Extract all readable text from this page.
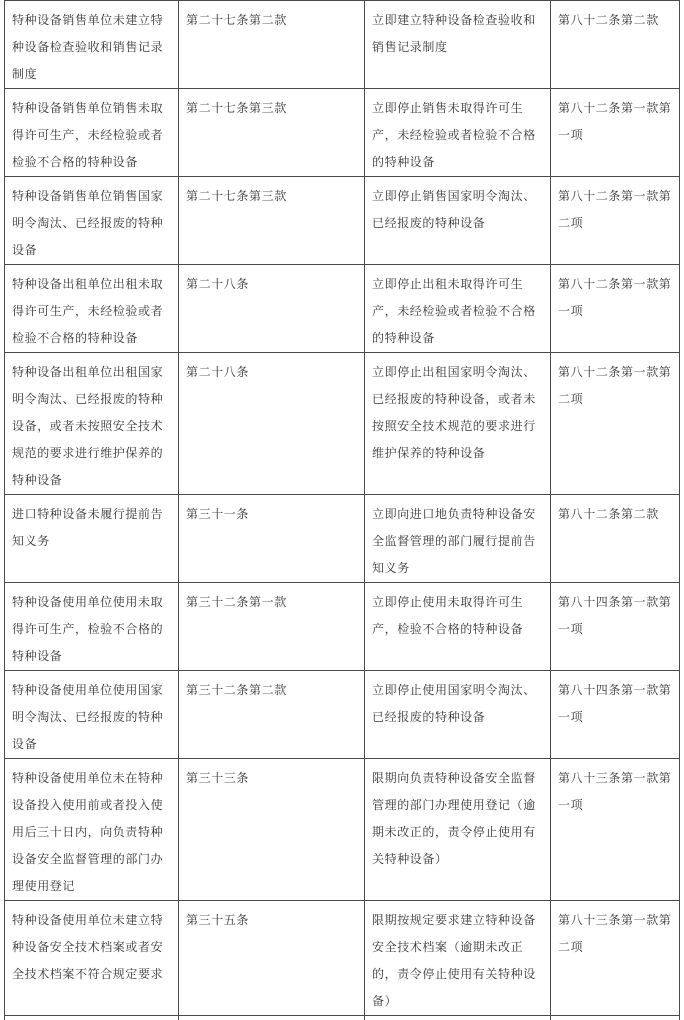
特种设备销售单位未建立特种设备检查验收和销售记录制度	第二十七条第二款	立即建立特种设备检查验收和销售记录制度	第八十二条第二款
特种设备销售单位销售未取得许可生产，未经检验或者检验不合格的特种设备	第二十七条第三款	立即停止销售未取得许可生产，未经检验或者检验不合格的特种设备	第八十二条第一款第一项
特种设备销售单位销售国家明令淘汰、已经报废的特种设备	第二十七条第三款	立即停止销售国家明令淘汰、已经报废的特种设备	第八十二条第一款第二项
特种设备出租单位出租未取得许可生产，未经检验或者检验不合格的特种设备	第二十八条	立即停止出租未取得许可生产，未经检验或者检验不合格的特种设备	第八十二条第一款第一项
特种设备出租单位出租国家明令淘汰、已经报废的特种设备，或者未按照安全技术规范的要求进行维护保养的特种设备	第二十八条	立即停止出租国家明令淘汰、已经报废的特种设备，或者未按照安全技术规范的要求进行维护保养的特种设备	第八十二条第一款第二项
进口特种设备未履行提前告知义务	第三十一条	立即向进口地负责特种设备安全监督管理的部门履行提前告知义务	第八十二条第二款
特种设备使用单位使用未取得许可生产，检验不合格的特种设备	第三十二条第一款	立即停止使用未取得许可生产，检验不合格的特种设备	第八十四条第一款第一项
特种设备使用单位使用国家明令淘汰、已经报废的特种设备	第三十二条第二款	立即停止使用国家明令淘汰、已经报废的特种设备	第八十四条第一款第一项
特种设备使用单位未在特种设备投入使用前或者投入使用后三十日内，向负责特种设备安全监督管理的部门办理使用登记	第三十三条	限期向负责特种设备安全监督管理的部门办理使用登记（逾期未改正的，责令停止使用有关特种设备）	第八十三条第一款第一项
特种设备使用单位未建立特种设备安全技术档案或者安全技术档案不符合规定要求	第三十五条	限期按规定要求建立特种设备安全技术档案（逾期未改正的，责令停止使用有关特种设备）	第八十三条第一款第二项
